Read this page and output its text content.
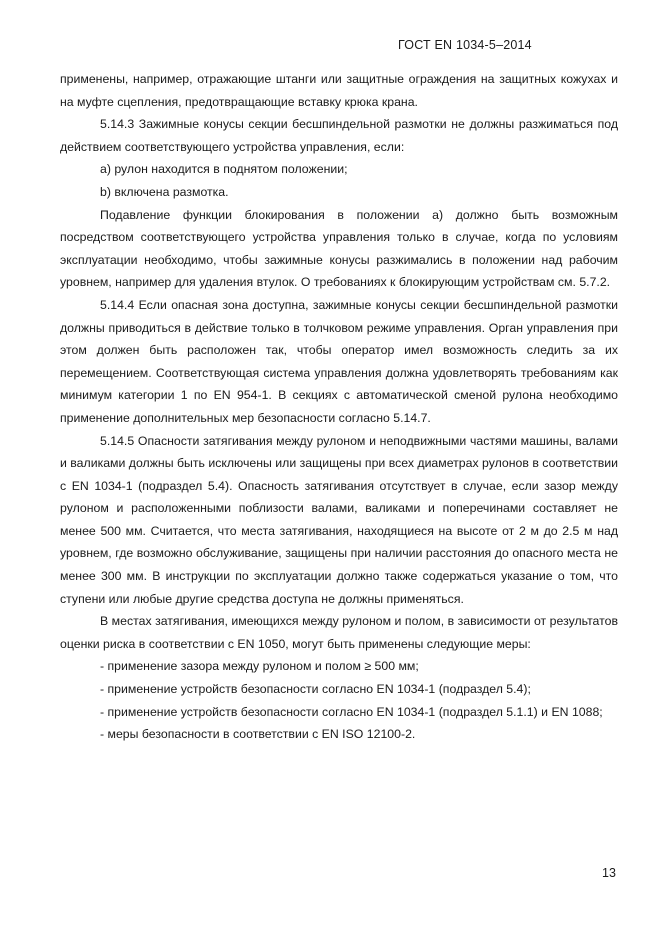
ГОСТ EN 1034-5–2014

применены, например, отражающие штанги или защитные ограждения на защитных кожухах и на муфте сцепления, предотвращающие вставку крюка крана.

5.14.3 Зажимные конусы секции бесшпиндельной размотки не должны разжиматься под действием соответствующего устройства управления, если:

a) рулон находится в поднятом положении;

b) включена размотка.

Подавление функции блокирования в положении а) должно быть возможным посредством соответствующего устройства управления только в случае, когда по условиям эксплуатации необходимо, чтобы зажимные конусы разжимались в положении над рабочим уровнем, например для удаления втулок. О требованиях к блокирующим устройствам см. 5.7.2.

5.14.4 Если опасная зона доступна, зажимные конусы секции бесшпиндельной размотки должны приводиться в действие только в толчковом режиме управления. Орган управления при этом должен быть расположен так, чтобы оператор имел возможность следить за их перемещением. Соответствующая система управления должна удовлетворять требованиям как минимум категории 1 по EN 954-1. В секциях с автоматической сменой рулона необходимо применение дополнительных мер безопасности согласно 5.14.7.

5.14.5 Опасности затягивания между рулоном и неподвижными частями машины, валами и валиками должны быть исключены или защищены при всех диаметрах рулонов в соответствии с EN 1034-1 (подраздел 5.4). Опасность затягивания отсутствует в случае, если зазор между рулоном и расположенными поблизости валами, валиками и поперечинами составляет не менее 500 мм. Считается, что места затягивания, находящиеся на высоте от 2 м до 2.5 м над уровнем, где возможно обслуживание, защищены при наличии расстояния до опасного места не менее 300 мм. В инструкции по эксплуатации должно также содержаться указание о том, что ступени или любые другие средства доступа не должны применяться.

В местах затягивания, имеющихся между рулоном и полом, в зависимости от результатов оценки риска в соответствии с EN 1050, могут быть применены следующие меры:

- применение зазора между рулоном и полом ≥ 500 мм;

- применение устройств безопасности согласно EN 1034-1 (подраздел 5.4);

- применение устройств безопасности согласно EN 1034-1 (подраздел 5.1.1) и EN 1088;

- меры безопасности в соответствии с EN ISO 12100-2.

13
